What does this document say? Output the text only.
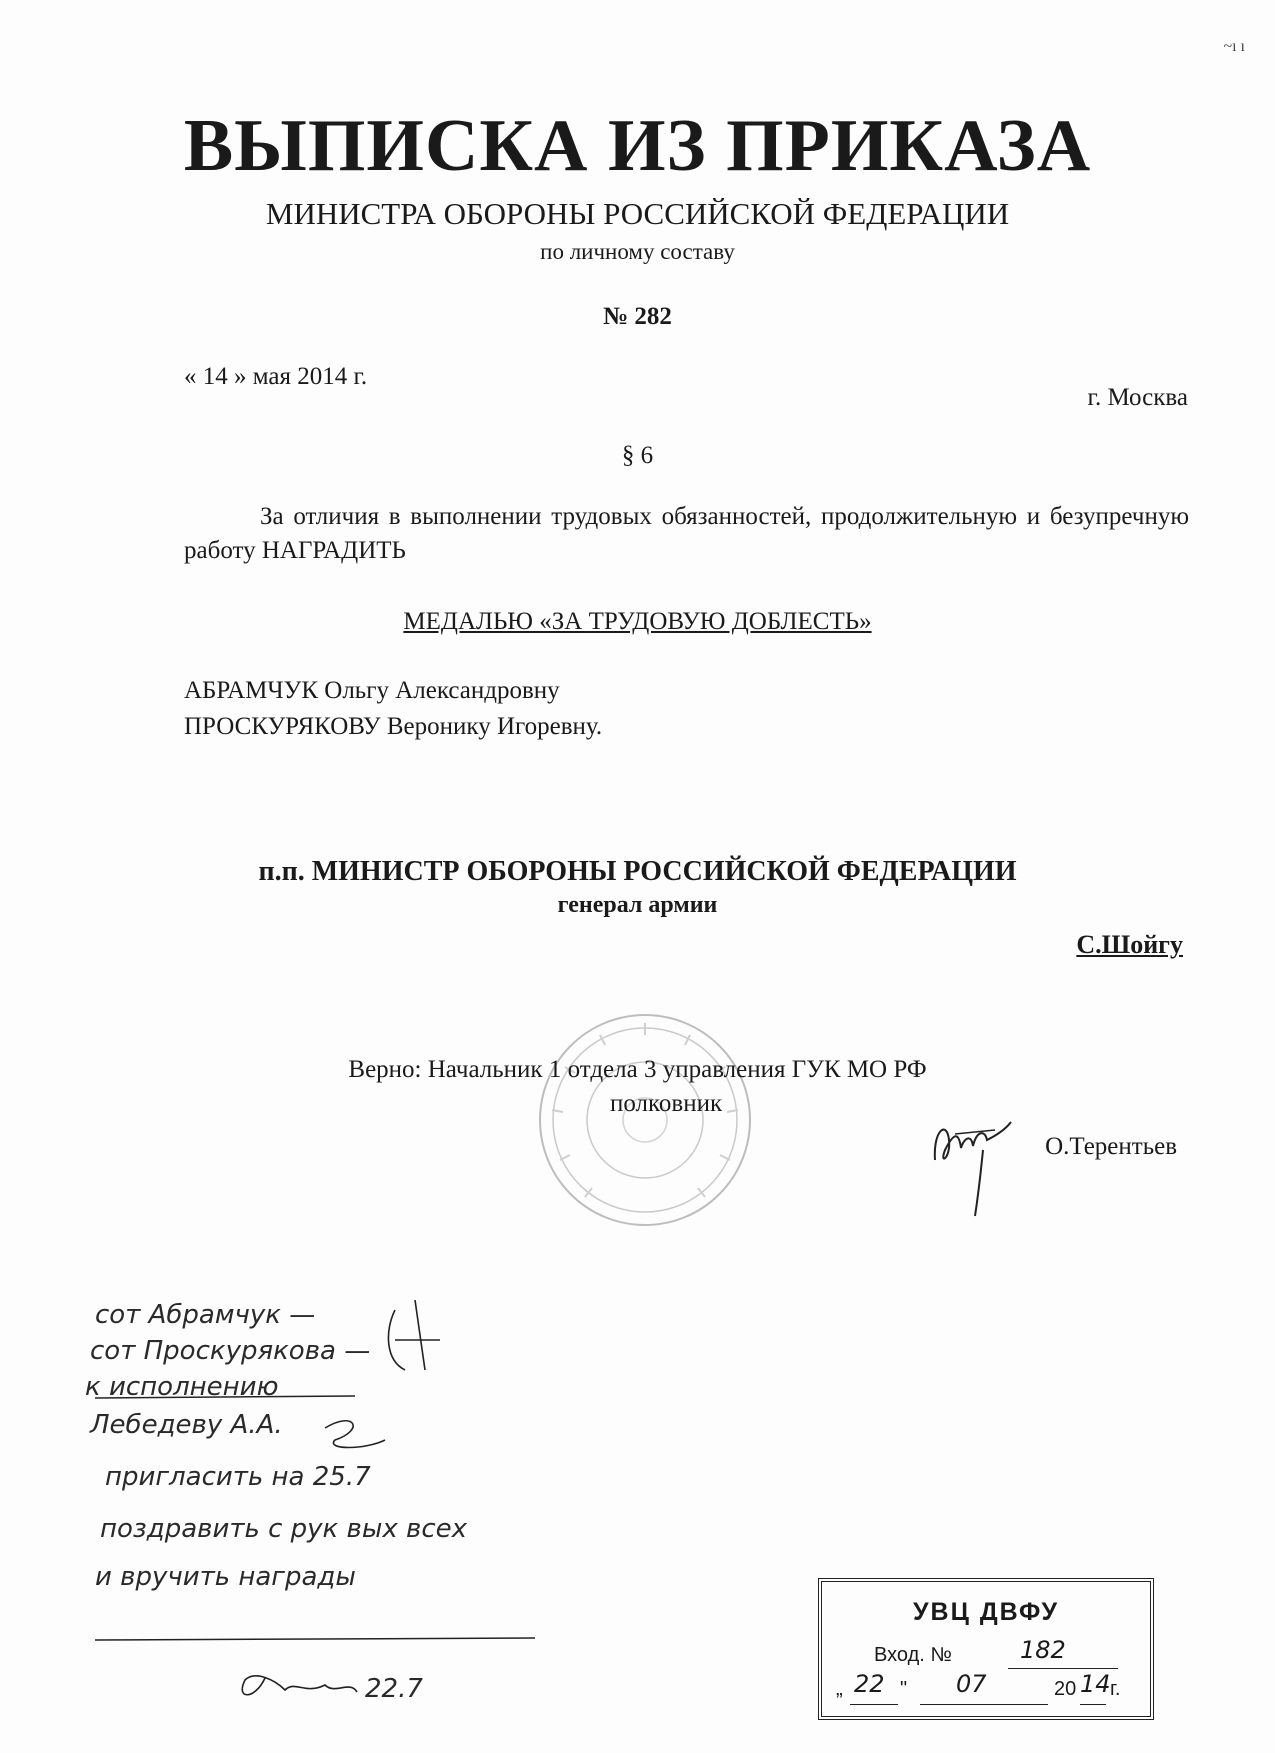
~ı ı
ВЫПИСКА ИЗ ПРИКАЗА
МИНИСТРА ОБОРОНЫ РОССИЙСКОЙ ФЕДЕРАЦИИ
по личному составу
№ 282
« 14 » мая 2014 г.
г. Москва
§ 6
За отличия в выполнении трудовых обязанностей, продолжительную и безупречную работу НАГРАДИТЬ
МЕДАЛЬЮ «ЗА ТРУДОВУЮ ДОБЛЕСТЬ»
АБРАМЧУК Ольгу Александровну
ПРОСКУРЯКОВУ Веронику Игоревну.
п.п. МИНИСТР ОБОРОНЫ РОССИЙСКОЙ ФЕДЕРАЦИИ
генерал армии
С.Шойгу
Верно: Начальник 1 отдела 3 управления ГУК МО РФ
полковник
О.Терентьев
сот Абрамчук —
сот Проскурякова —
к исполнению
Лебедеву А.А.
пригласить на 25.7
поздравить с рук вых всех
и вручить награды
22.7
УВЦ ДВФУ
Вход. №	182
„ 22 " 07	20 14 г.
